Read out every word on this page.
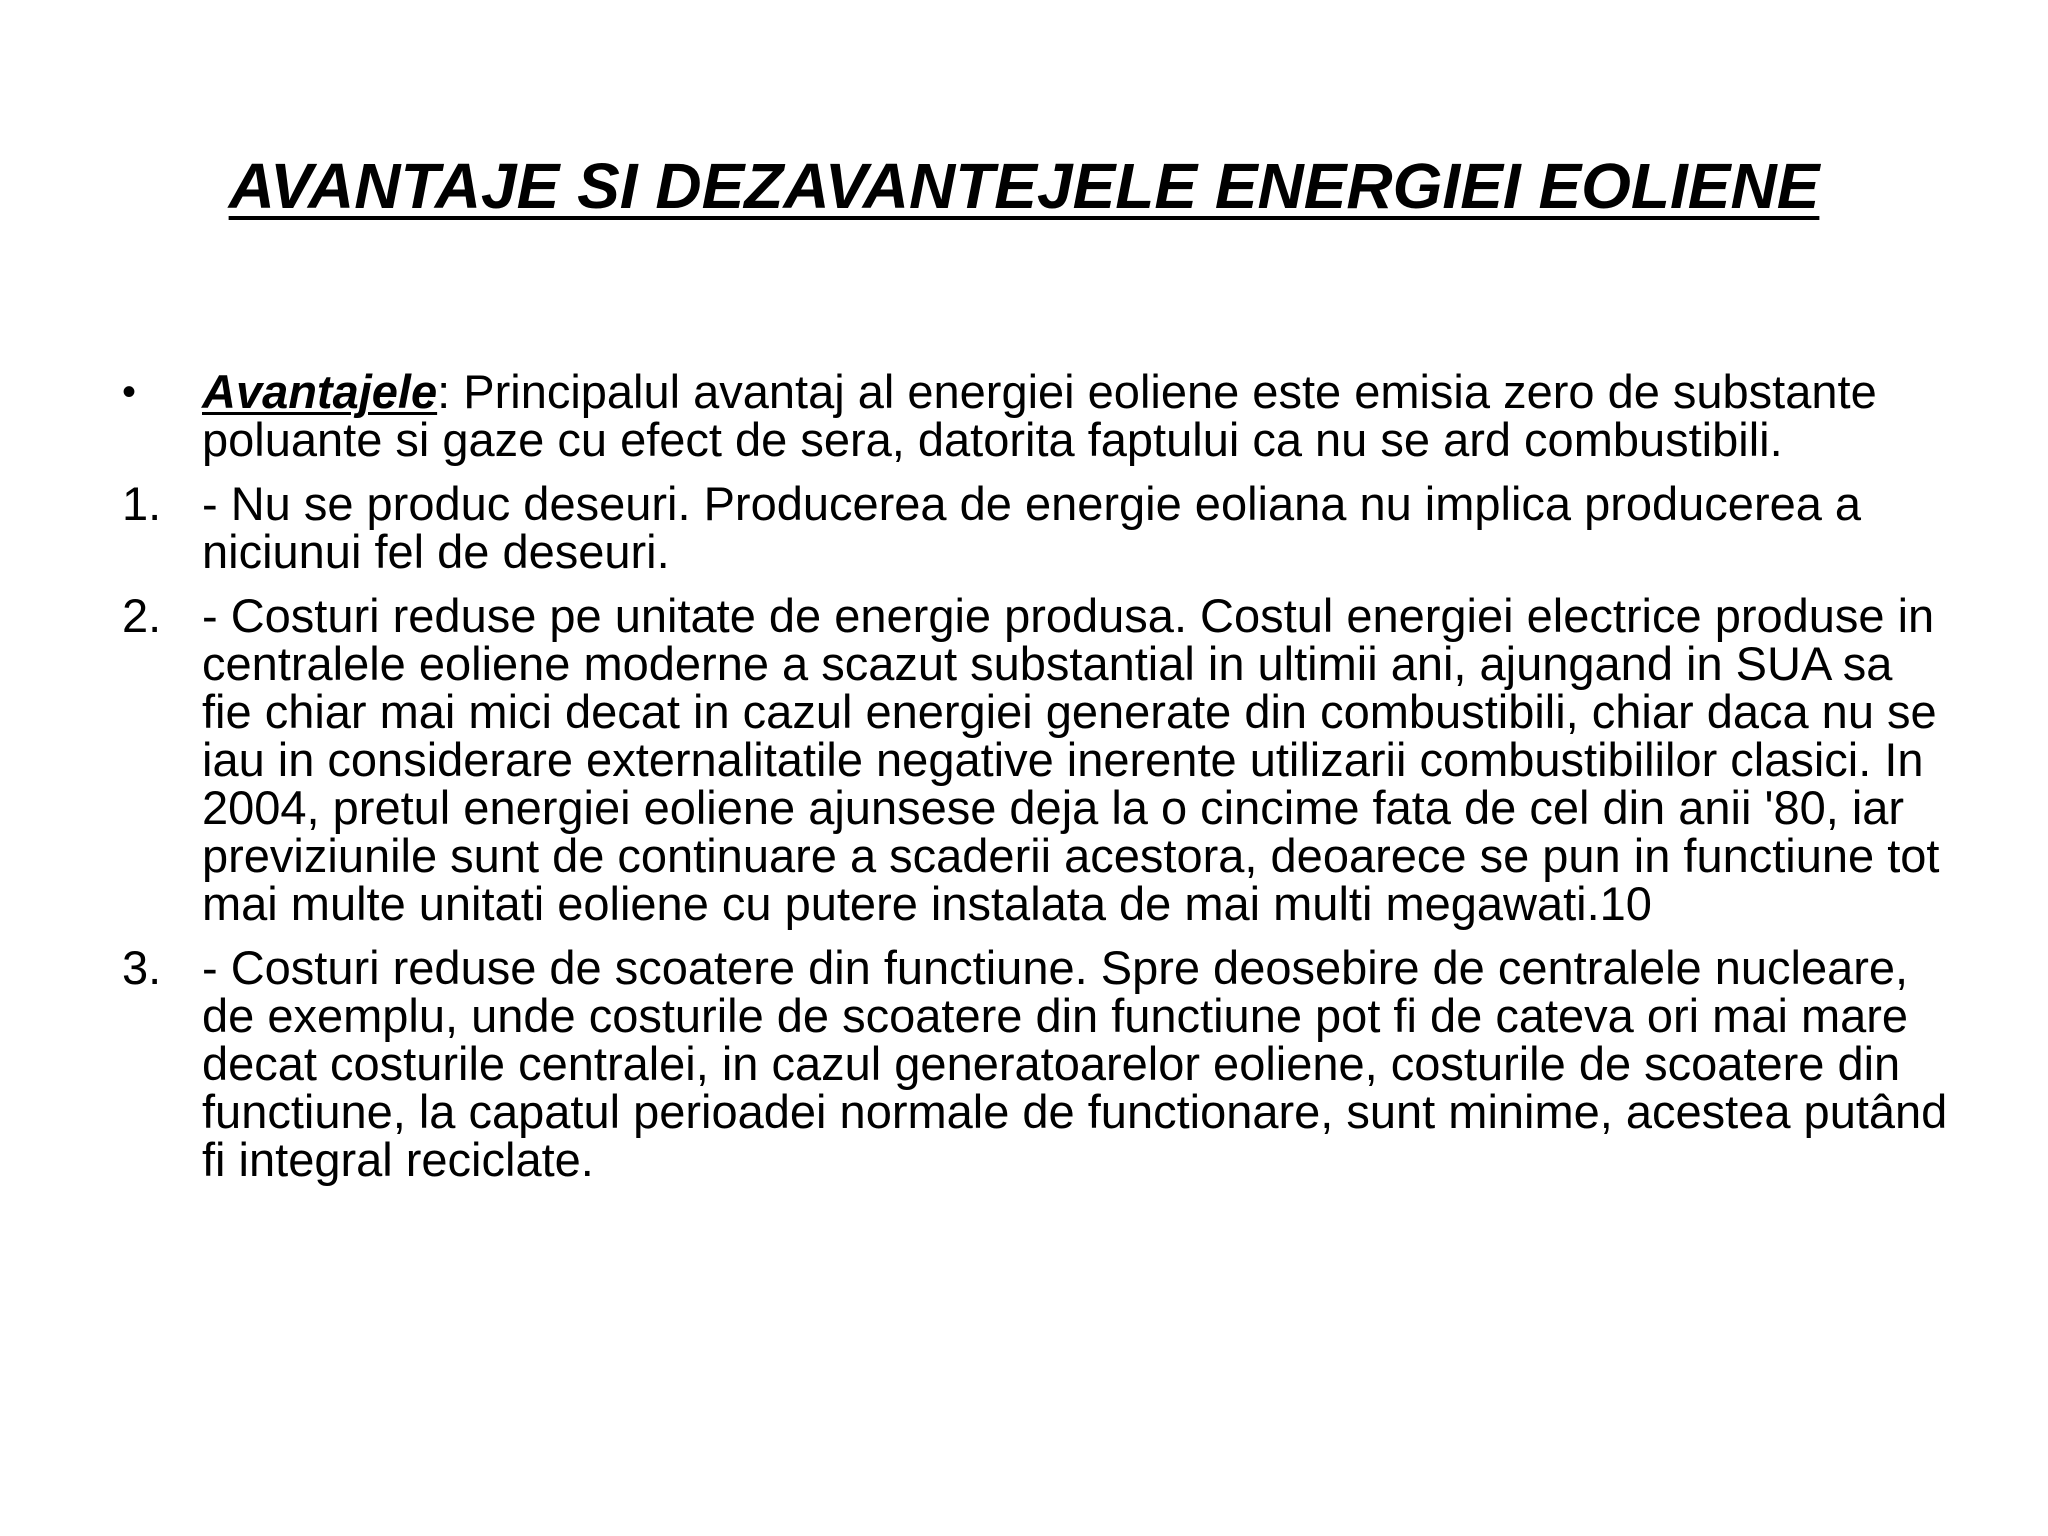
AVANTAJE SI DEZAVANTEJELE ENERGIEI EOLIENE
•	Avantajele: Principalul avantaj al energiei eoliene este emisia zero de substante poluante si gaze cu efect de sera, datorita faptului ca nu se ard combustibili.
1. - Nu se produc deseuri. Producerea de energie eoliana nu implica producerea a niciunui fel de deseuri.
2. - Costuri reduse pe unitate de energie produsa. Costul energiei electrice produse in centralele eoliene moderne a scazut substantial in ultimii ani, ajungand in SUA sa fie chiar mai mici decat in cazul energiei generate din combustibili, chiar daca nu se iau in considerare externalitatile negative inerente utilizarii combustibililor clasici. In 2004, pretul energiei eoliene ajunsese deja la o cincime fata de cel din anii '80, iar previziunile sunt de continuare a scaderii acestora, deoarece se pun in functiune tot mai multe unitati eoliene cu putere instalata de mai multi megawati.10
3. - Costuri reduse de scoatere din functiune. Spre deosebire de centralele nucleare, de exemplu, unde costurile de scoatere din functiune pot fi de cateva ori mai mare decat costurile centralei, in cazul generatoarelor eoliene, costurile de scoatere din functiune, la capatul perioadei normale de functionare, sunt minime, acestea putând fi integral reciclate.
